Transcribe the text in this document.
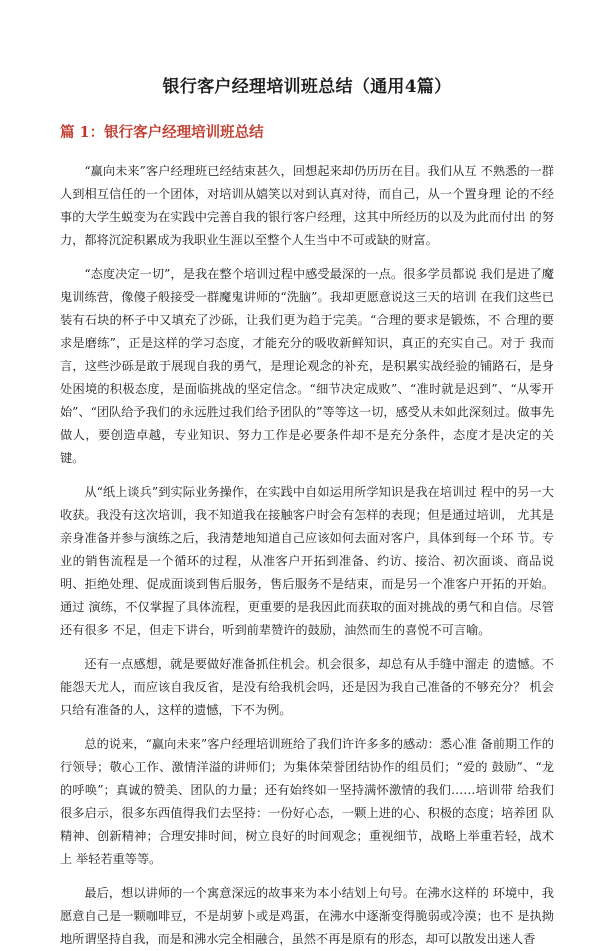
银行客户经理培训班总结（通用4篇）
篇 1：银行客户经理培训班总结

“赢向未来”客户经理班已经结束甚久，回想起来却仍历历在目。我们从互 不熟悉的一群人到相互信任的一个团体，对培训从嬉笑以对到认真对待，而自己，从一个置身理 论的不经事的大学生蜕变为在实践中完善自我的银行客户经理，这其中所经历的以及为此而付出 的努力，都将沉淀积累成为我职业生涯以至整个人生当中不可或缺的财富。

“态度决定一切”，是我在整个培训过程中感受最深的一点。很多学员都说 我们是进了魔鬼训练营，像傻子般接受一群魔鬼讲师的“洗脑”。我却更愿意说这三天的培训 在我们这些已装有石块的杯子中又填充了沙砾，让我们更为趋于完美。“合理的要求是锻炼，不 合理的要求是磨练”，正是这样的学习态度，才能充分的吸收新鲜知识，真正的充实自己。对于 我而言，这些沙砾是敢于展现自我的勇气，是理论观念的补充，是积累实战经验的铺路石，是身 处困境的积极态度，是面临挑战的坚定信念。“细节决定成败”、“准时就是迟到”、“从零开 始”、“团队给予我们的永远胜过我们给予团队的”等等这一切，感受从未如此深刻过。做事先 做人，要创造卓越，专业知识、努力工作是必要条件却不是充分条件，态度才是决定的关键。

从“纸上谈兵”到实际业务操作，在实践中自如运用所学知识是我在培训过 程中的另一大收获。我没有这次培训，我不知道我在接触客户时会有怎样的表现；但是通过培训， 尤其是亲身准备并参与演练之后，我清楚地知道自己应该如何去面对客户，具体到每一个环 节。专业的销售流程是一个循环的过程，从准客户开拓到准备、约访、接洽、初次面谈、商品说 明、拒绝处理、促成面谈到售后服务，售后服务不是结束，而是另一个准客户开拓的开始。通过 演练，不仅掌握了具体流程，更重要的是我因此而获取的面对挑战的勇气和自信。尽管还有很多 不足，但走下讲台，听到前辈赞许的鼓励，油然而生的喜悦不可言喻。

还有一点感想，就是要做好准备抓住机会。机会很多，却总有从手缝中溜走 的遗憾。不能怨天尤人，而应该自我反省，是没有给我机会吗，还是因为我自己准备的不够充分？ 机会只给有准备的人，这样的遗憾，下不为例。

总的说来，“赢向未来”客户经理培训班给了我们许许多多的感动：悉心准 备前期工作的行领导；敬心工作、激情洋溢的讲师们；为集体荣誉团结协作的组员们；“爱的 鼓励”、“龙的呼唤”；真诚的赞美、团队的力量；还有始终如一坚持满怀激情的我们……培训带 给我们很多启示，很多东西值得我们去坚持：一份好心态，一颗上进的心、积极的态度；培养团 队精神、创新精神；合理安排时间，树立良好的时间观念；重视细节，战略上举重若轻，战术上 举轻若重等等。

最后，想以讲师的一个寓意深远的故事来为本小结划上句号。在沸水这样的 环境中，我愿意自己是一颗咖啡豆，不是胡萝卜或是鸡蛋，在沸水中逐渐变得脆弱或冷漠；也不 是执拗地所谓坚持自我，而是和沸水完全相融合，虽然不再是原有的形态，却可以散发出迷人香
